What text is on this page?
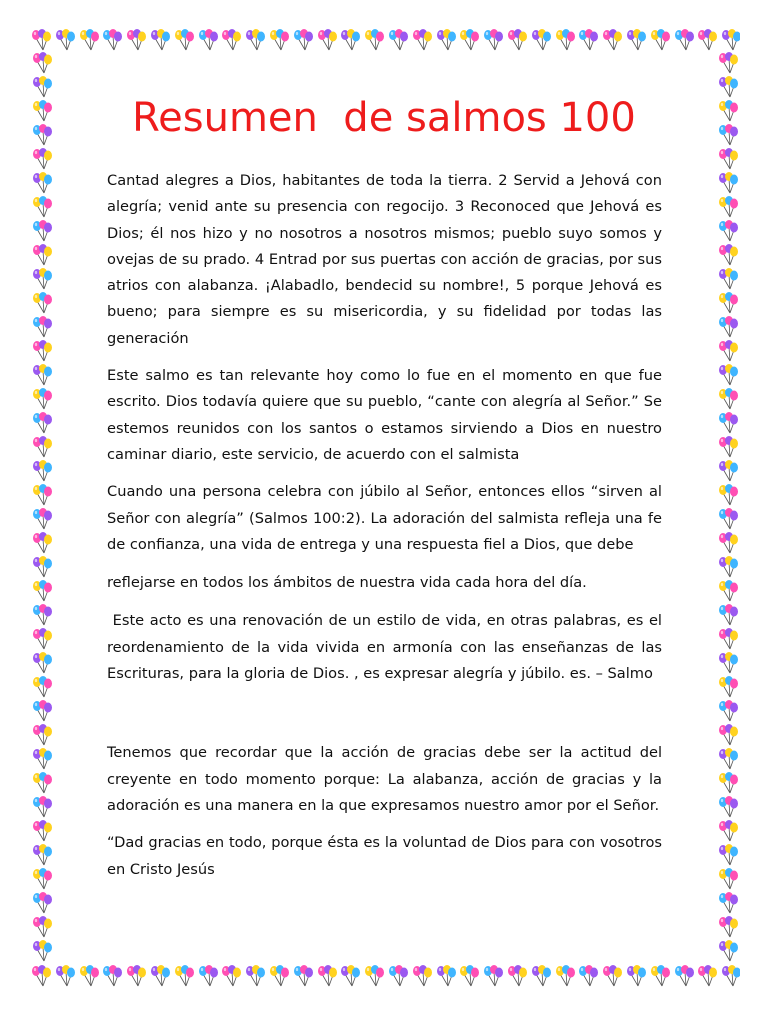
Resumen  de salmos 100

Cantad alegres a Dios, habitantes de toda la tierra. 2 Servid a Jehová con alegría; venid ante su presencia con regocijo. 3 Reconoced que Jehová es Dios; él nos hizo y no nosotros a nosotros mismos; pueblo suyo somos y ovejas de su prado. 4 Entrad por sus puertas con acción de gracias, por sus atrios con alabanza. ¡Alabadlo, bendecid su nombre!, 5 porque Jehová es bueno; para siempre es su misericordia, y su fidelidad por todas las generación

Este salmo es tan relevante hoy como lo fue en el momento en que fue escrito. Dios todavía quiere que su pueblo, “cante con alegría al Señor.” Se estemos reunidos con los santos o estamos sirviendo a Dios en nuestro caminar diario, este servicio, de acuerdo con el salmista

Cuando una persona celebra con júbilo al Señor, entonces ellos “sirven al Señor con alegría” (Salmos 100:2). La adoración del salmista refleja una fe de confianza, una vida de entrega y una respuesta fiel a Dios, que debe

reflejarse en todos los ámbitos de nuestra vida cada hora del día.

Este acto es una renovación de un estilo de vida, en otras palabras, es el reordenamiento de la vida vivida en armonía con las enseñanzas de las Escrituras, para la gloria de Dios. , es expresar alegría y júbilo. es. – Salmo

Tenemos que recordar que la acción de gracias debe ser la actitud del creyente en todo momento porque: La alabanza, acción de gracias y la adoración es una manera en la que expresamos nuestro amor por el Señor.

“Dad gracias en todo, porque ésta es la voluntad de Dios para con vosotros en Cristo Jesús
